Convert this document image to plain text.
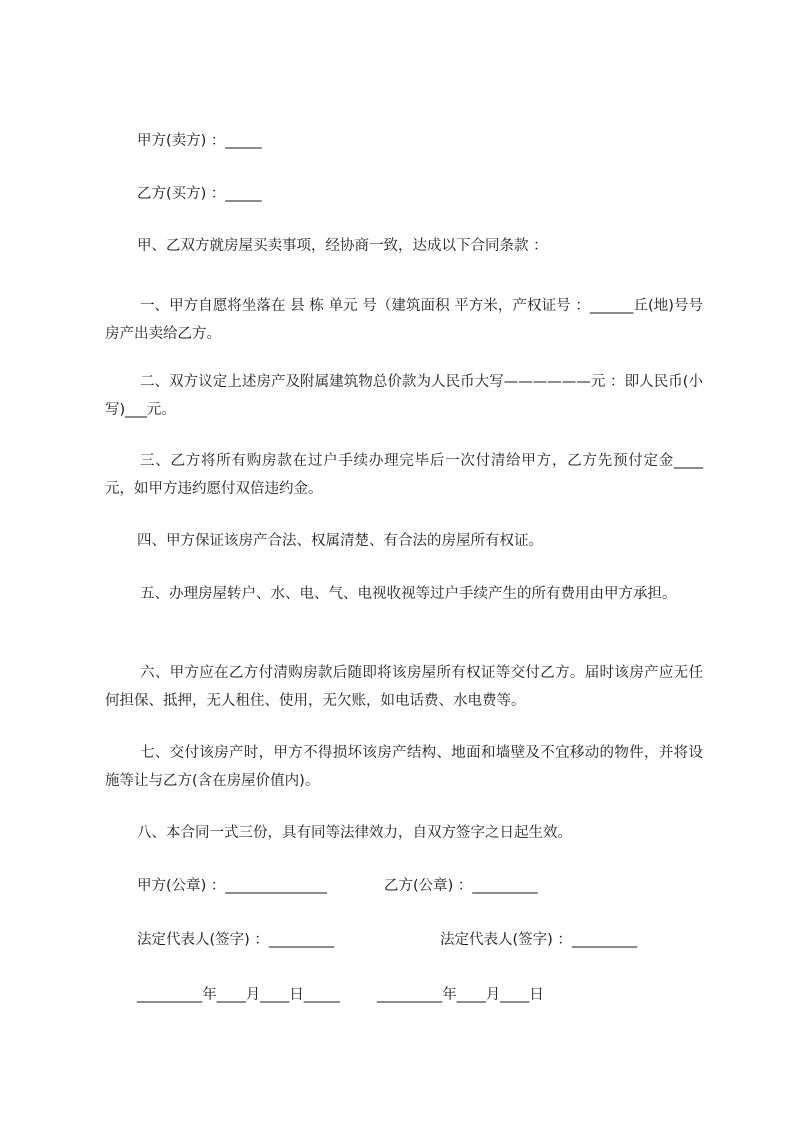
甲方(卖方) ：_____
乙方(买方) ：_____
甲、乙双方就房屋买卖事项，经协商一致，达成以下合同条款 ：
一、甲方自愿将坐落在 县 栋 单元 号（建筑面积 平方米，产权证号 ：______丘(地)号号房产出卖给乙方。
二、双方议定上述房产及附属建筑物总价款为人民币大写——————元 ：即人民币(小写)___元。
三、乙方将所有购房款在过户手续办理完毕后一次付清给甲方，乙方先预付定金____元，如甲方违约愿付双倍违约金。
四、甲方保证该房产合法、权属清楚、有合法的房屋所有权证。
五、办理房屋转户、水、电、气、电视收视等过户手续产生的所有费用由甲方承担。
六、甲方应在乙方付清购房款后随即将该房屋所有权证等交付乙方。届时该房产应无任何担保、抵押，无人租住、使用，无欠账，如电话费、水电费等。
七、交付该房产时，甲方不得损坏该房产结构、地面和墙壁及不宜移动的物件，并将设施等让与乙方(含在房屋价值内)。
八、本合同一式三份，具有同等法律效力，自双方签字之日起生效。
甲方(公章) ：______________	乙方(公章) ：_________
法定代表人(签字) ：_________	法定代表人(签字) ：_________
_________年____月____日_____	_________年____月____日
